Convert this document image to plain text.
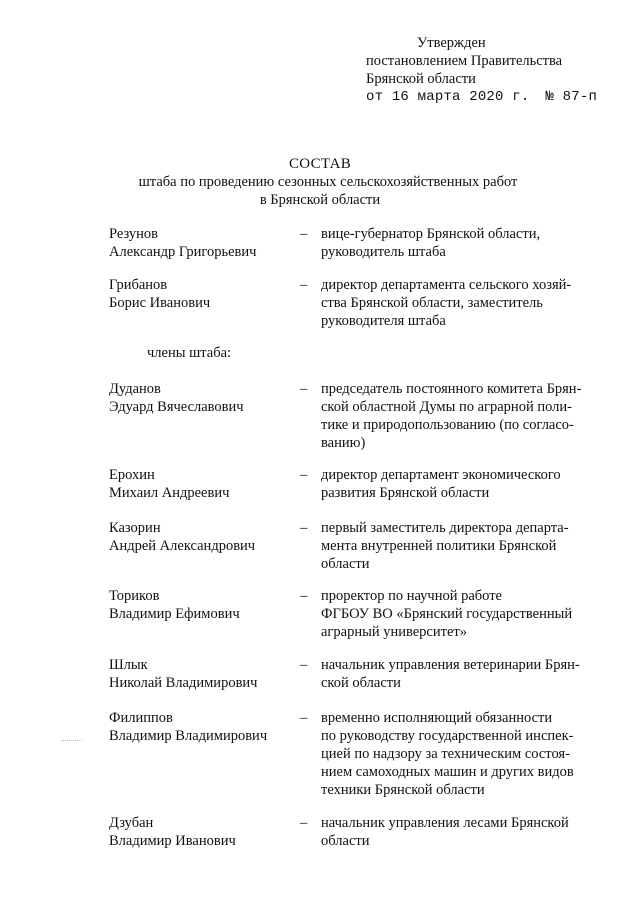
Утвержден
постановлением Правительства
Брянской области
от 16 марта 2020 г. № 87-п
СОСТАВ
штаба по проведению сезонных сельскохозяйственных работ
в Брянской области
Резунов
Александр Григорьевич
– вице-губернатор Брянской области,
руководитель штаба
Грибанов
Борис Иванович
– директор департамента сельского хозяй-
ства Брянской области, заместитель
руководителя штаба
члены штаба:
Дуданов
Эдуард Вячеславович
– председатель постоянного комитета Брян-
ской областной Думы по аграрной поли-
тике и природопользованию (по согласо-
ванию)
Ерохин
Михаил Андреевич
– директор департамент экономического
развития Брянской области
Казорин
Андрей Александрович
– первый заместитель директора департа-
мента внутренней политики Брянской
области
Ториков
Владимир Ефимович
– проректор по научной работе
ФГБОУ ВО «Брянский государственный
аграрный университет»
Шлык
Николай Владимирович
– начальник управления ветеринарии Брян-
ской области
Филиппов
Владимир Владимирович
– временно исполняющий обязанности
по руководству государственной инспек-
цией по надзору за техническим состоя-
нием самоходных машин и других видов
техники Брянской области
Дзубан
Владимир Иванович
– начальник управления лесами Брянской
области
